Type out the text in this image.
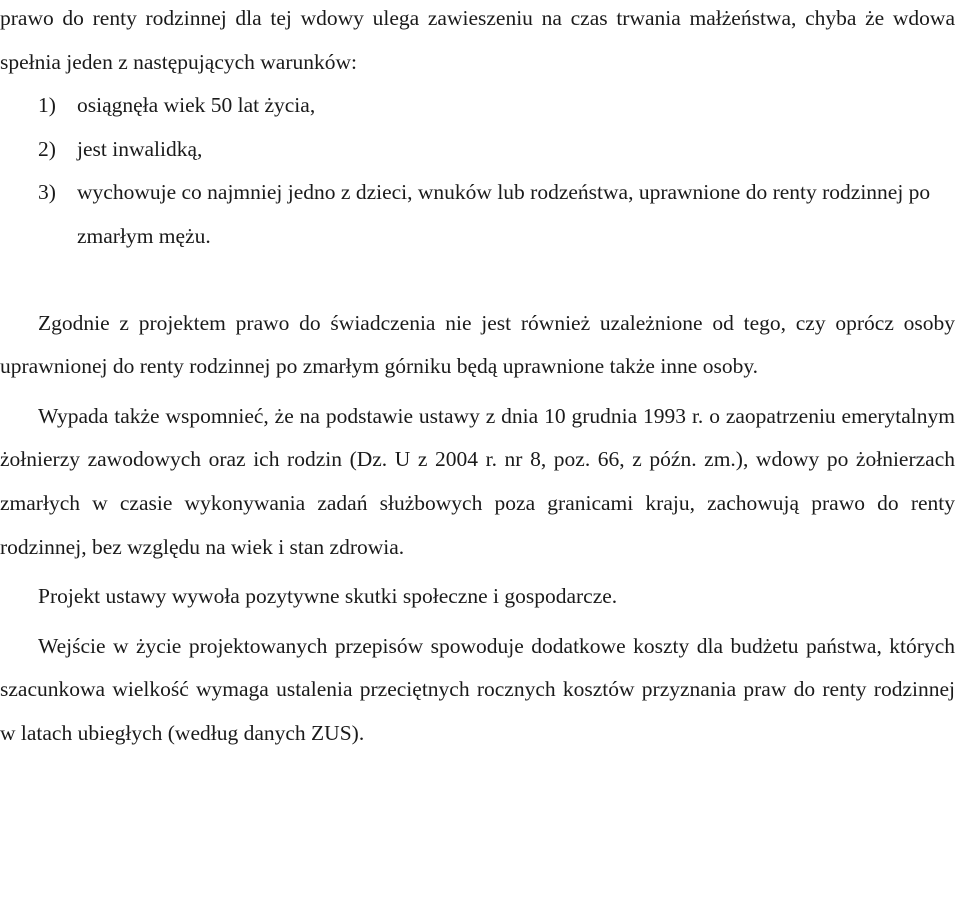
prawo do renty rodzinnej dla tej wdowy ulega zawieszeniu na czas trwania małżeństwa, chyba że wdowa spełnia jeden z następujących warunków:

1) osiągnęła wiek 50 lat życia,
2) jest inwalidką,
3) wychowuje co najmniej jedno z dzieci, wnuków lub rodzeństwa, uprawnione do renty rodzinnej po zmarłym mężu.

Zgodnie z projektem prawo do świadczenia nie jest również uzależnione od tego, czy oprócz osoby uprawnionej do renty rodzinnej po zmarłym górniku będą uprawnione także inne osoby.

Wypada także wspomnieć, że na podstawie ustawy z dnia 10 grudnia 1993 r. o zaopatrzeniu emerytalnym żołnierzy zawodowych oraz ich rodzin (Dz. U z 2004 r. nr 8, poz. 66, z późn. zm.), wdowy po żołnierzach zmarłych w czasie wykonywania zadań służbowych poza granicami kraju, zachowują prawo do renty rodzinnej, bez względu na wiek i stan zdrowia.

Projekt ustawy wywoła pozytywne skutki społeczne i gospodarcze.

Wejście w życie projektowanych przepisów spowoduje dodatkowe koszty dla budżetu państwa, których szacunkowa wielkość wymaga ustalenia przeciętnych rocznych kosztów przyznania praw do renty rodzinnej w latach ubiegłych (według danych ZUS).
